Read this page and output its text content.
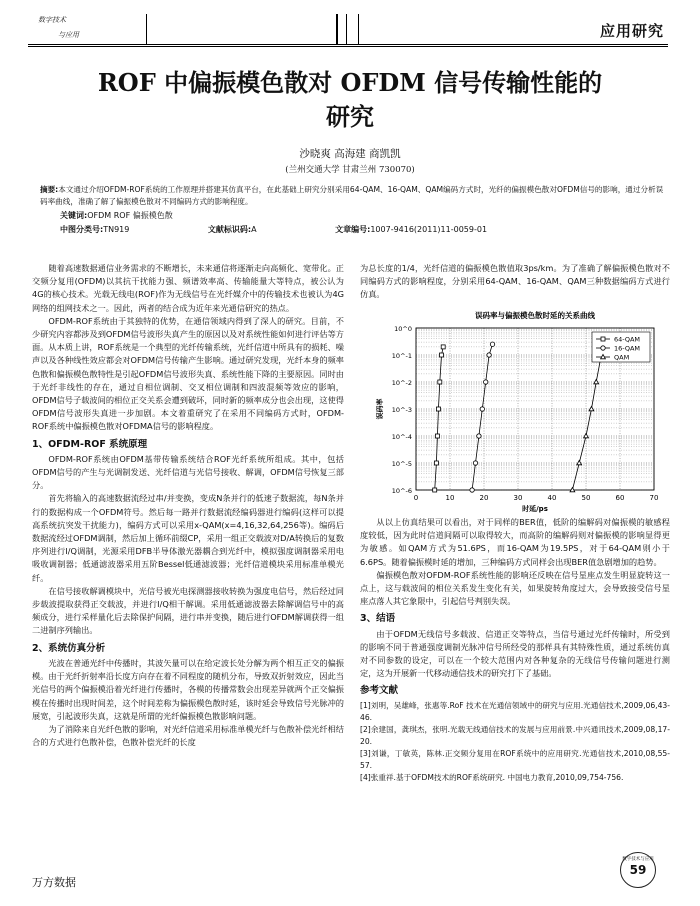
数字技术
与应用	应用研究
ROF 中偏振模色散对 OFDM 信号传输性能的
研究
沙晓爽 高海建 商凯凯
(兰州交通大学 甘肃兰州 730070)
摘要:本文通过介绍OFDM-ROF系统的工作原理并搭建其仿真平台，在此基础上研究分别采用64-QAM、16-QAM、QAM编码方式时，光纤的偏振模色散对OFDM信号的影响，通过分析误码率曲线，准确了解了偏振模色散对不同编码方式的影响程度。
关键词:OFDM ROF 偏振模色散
中图分类号:TN919	文献标识码:A	文章编号:1007-9416(2011)11-0059-01

随着高速数据通信业务需求的不断增长，未来通信将逐渐走向高频化、宽带化。正交频分复用(OFDM)以其抗干扰能力强、频谱效率高、传输能量大等特点，被公认为4G的核心技术。光载无线电(ROF)作为无线信号在光纤媒介中的传输技术也被认为4G网络的组网技术之一。因此，两者的结合成为近年来光通信研究的热点。

OFDM-ROF系统由于其独特的优势，在通信领域内得到了深人的研究。目前，不少研究内容都涉及到OFDM信号波形失真产生的原因以及对系统性能如何进行评估等方面。从本质上讲，ROF系统是一个典型的光纤传输系统，光纤信道中所具有的损耗、噪声以及各种线性效应都会对OFDM信号传输产生影响。通过研究发现，光纤本身的频率色散和偏振模色散特性是引起OFDM信号波形失真、系统性能下降的主要原因。同时由于光纤非线性的存在，通过自相位调制、交叉相位调制和四波混频等效应的影响，OFDM信号子载波间的相位正交关系会遭到破坏，同时新的频率成分也会出现，这使得OFDM信号波形失真进一步加剧。本文着重研究了在采用不同编码方式时，OFDM-ROF系统中偏振模色散对OFDMA信号的影响程度。

1、OFDM-ROF 系统原理

OFDM-ROF系统由OFDM基带传输系统结合ROF光纤系统所组成。其中，包括OFDM信号的产生与光调制发送、光纤信道与光信号接收、解调，OFDM信号恢复三部分。

首先将输入的高速数据流经过串/并变换，变成N条并行的低速子数据流，每N条并行的数据构成一个OFDM符号。然后每一路并行数据流经编码器进行编码(这样可以提高系统抗突发干扰能力)，编码方式可以采用x-QAM(x=4,16,32,64,256等)。编码后数据流经过OFDM调制，然后加上循环前缀CP，采用一组正交载波对D/A转换后的复数序列进行I/Q调制，光源采用DFB半导体激光器耦合到光纤中，模拟强度调制器采用电吸收调制器；低通滤波器采用五阶Bessel低通滤波器；光纤信道模块采用标准单模光纤。

在信号接收解调模块中，光信号被光电探测器接收转换为强度电信号，然后经过同步载波提取获得正交载波，并进行I/Q相干解调。采用低通滤波器去除解调信号中的高频成分，进行采样量化后去除保护间隔，进行串并变换，随后进行OFDM解调获得一组二进制序列输出。

2、系统仿真分析

光波在普通光纤中传播时，其波矢量可以在给定波长处分解为两个相互正交的偏振模。由于光纤折射率沿长度方向存在着不同程度的随机分布，导致双折射效应，因此当光信号的两个偏振模沿着光纤进行传播时，各模的传播常数会出现差异就两个正交偏振模在传播时出现时间差，这个时间差称为偏振模色散时延，该时延会导致信号光脉冲的展宽，引起波形失真，这就是所谓的光纤偏振模色散影响问题。

为了消除来自光纤色散的影响，对光纤信道采用标准单模光纤与色散补偿光纤相结合的方式进行色散补偿，色散补偿光纤的长度

为总长度的1/4，光纤信道的偏振模色散值取3ps/km。为了准确了解偏振模色散对不同编码方式的影响程度，分别采用64-QAM、16-QAM、QAM三种数据编码方式进行仿真。

误码率与偏振模色散时延的关系曲线
0	10	20	30	40	50	60	70
10^0
10^-1
10^-2
10^-3
10^-4
10^-5
10^-6
时延/ps
误码率
64-QAM
16-QAM
QAM

从以上仿真结果可以看出，对于同样的BER值，低阶的编解码对偏振模的敏感程度较低，因为此时信道间隔可以取得较大，而高阶的编解码则对偏振模的影响显得更为敏感。如QAM方式为51.6PS，而16-QAM为19.5PS，对于64-QAM则小于6.6PS。随着偏振模时延的增加，三种编码方式同样会出现BER值急剧增加的趋势。

偏振模色散对OFDM-ROF系统性能的影响还反映在信号星座点发生明显旋转这一点上，这与载波间的相位关系发生变化有关，如果旋转角度过大，会导致接受信号星座点落人其它象限中，引起信号判别失误。

3、结语

由于OFDM无线信号多载波、信道正交等特点，当信号通过光纤传输时，所受到的影响不同于普通强度调制光脉冲信号所经受的那样具有其特殊性质，通过系统仿真对不同参数的设定，可以在一个较大范围内对各种复杂的无线信号传输问题进行测定，这为开展新一代移动通信技术的研究打下了基础。

参考文献

[1]刘明，吴雄峰，张惠等.RoF 技术在光通信领域中的研究与应用.光通信技术,2009,06,43-46.

[2]余建国，龚琪杰，张明.光载无线通信技术的发展与应用前景.中兴通讯技术,2009,08,17-20.

[3]刘谦，丁敏英，陈林.正交频分复用在ROF系统中的应用研究.光通信技术,2010,08,55-57.

[4]张重祥.基于OFDM技术的ROF系统研究. 中国电力教育,2010,09,754-756.

万方数据
数字技术与应用
59
